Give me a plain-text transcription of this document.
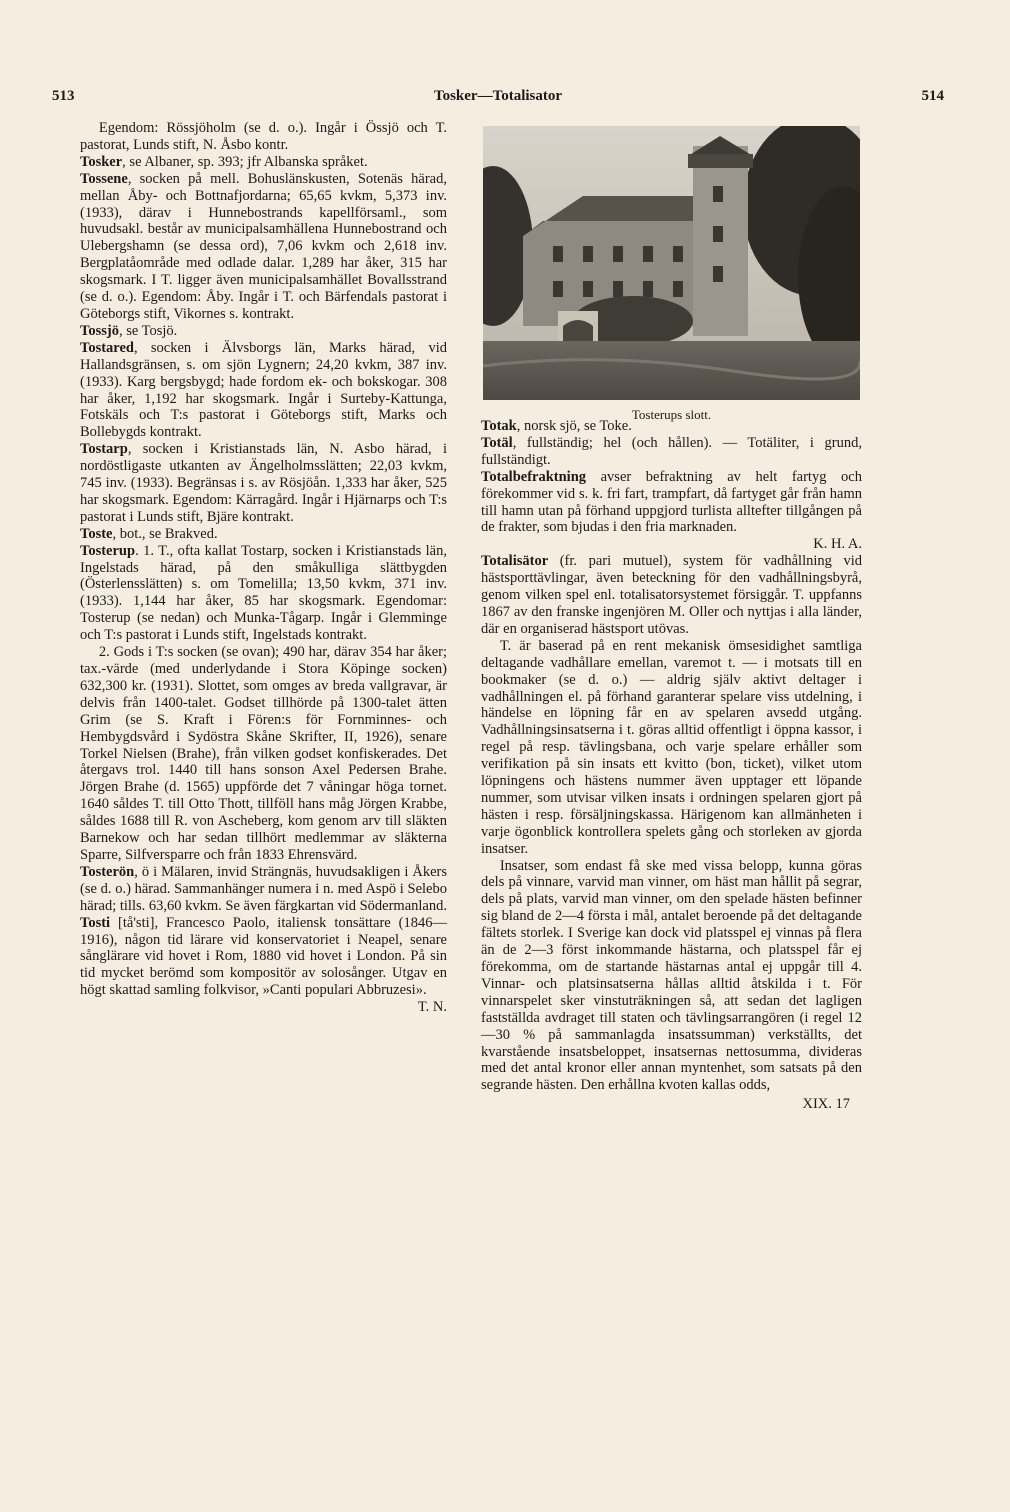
513	Tosker—Totalisator	514

Egendom: Rössjöholm (se d. o.). Ingår i Össjö och T. pastorat, Lunds stift, N. Åsbo kontr.

Tosker, se Albaner, sp. 393; jfr Albanska språket.

Tossene, socken på mell. Bohuslänskusten, Sotenäs härad, mellan Åby- och Bottnafjordarna; 65,65 kvkm, 5,373 inv. (1933), därav i Hunnebostrands kapellförsaml., som huvudsakl. består av municipalsamhällena Hunnebostrand och Ulebergshamn (se dessa ord), 7,06 kvkm och 2,618 inv. Bergplatåområde med odlade dalar. 1,289 har åker, 315 har skogsmark. I T. ligger även municipalsamhället Bovallsstrand (se d. o.). Egendom: Åby. Ingår i T. och Bärfendals pastorat i Göteborgs stift, Vikornes s. kontrakt.

Tossjö, se Tosjö.

Tostared, socken i Älvsborgs län, Marks härad, vid Hallandsgränsen, s. om sjön Lygnern; 24,20 kvkm, 387 inv. (1933). Karg bergsbygd; hade fordom ek- och bokskogar. 308 har åker, 1,192 har skogsmark. Ingår i Surteby-Kattunga, Fotskäls och T:s pastorat i Göteborgs stift, Marks och Bollebygds kontrakt.

Tostarp, socken i Kristianstads län, N. Asbo härad, i nordöstligaste utkanten av Ängelholmsslätten; 22,03 kvkm, 745 inv. (1933). Begränsas i s. av Rösjöån. 1,333 har åker, 525 har skogsmark. Egendom: Kärragård. Ingår i Hjärnarps och T:s pastorat i Lunds stift, Bjäre kontrakt.

Toste, bot., se Brakved.

Tosterup. 1. T., ofta kallat Tostarp, socken i Kristianstads län, Ingelstads härad, på den småkulliga slättbygden (Österlensslätten) s. om Tomelilla; 13,50 kvkm, 371 inv. (1933). 1,144 har åker, 85 har skogsmark. Egendomar: Tosterup (se nedan) och Munka-Tågarp. Ingår i Glemminge och T:s pastorat i Lunds stift, Ingelstads kontrakt.

2. Gods i T:s socken (se ovan); 490 har, därav 354 har åker; tax.-värde (med underlydande i Stora Köpinge socken) 632,300 kr. (1931). Slottet, som omges av breda vallgravar, är delvis från 1400-talet. Godset tillhörde på 1300-talet ätten Grim (se S. Kraft i Fören:s för Fornminnes- och Hembygdsvård i Sydöstra Skåne Skrifter, II, 1926), senare Torkel Nielsen (Brahe), från vilken godset konfiskerades. Det återgavs trol. 1440 till hans sonson Axel Pedersen Brahe. Jörgen Brahe (d. 1565) uppförde det 7 våningar höga tornet. 1640 såldes T. till Otto Thott, tillföll hans måg Jörgen Krabbe, såldes 1688 till R. von Ascheberg, kom genom arv till släkten Barnekow och har sedan tillhört medlemmar av släkterna Sparre, Silfversparre och från 1833 Ehrensvärd.

Tosterön, ö i Mälaren, invid Strängnäs, huvudsakligen i Åkers (se d. o.) härad. Sammanhänger numera i n. med Aspö i Selebo härad; tills. 63,60 kvkm. Se även färgkartan vid Södermanland.

Tosti [tå'sti], Francesco Paolo, italiensk tonsättare (1846—1916), någon tid lärare vid konservatoriet i Neapel, senare sånglärare vid hovet i Rom, 1880 vid hovet i London. På sin tid mycket berömd som kompositör av solosånger. Utgav en högt skattad samling folkvisor, »Canti populari Abbruzesi».
T. N.

Tosterups slott.

Totak, norsk sjö, se Toke.

Totäl, fullständig; hel (och hållen). — Totäliter, i grund, fullständigt.

Totalbefraktning avser befraktning av helt fartyg och förekommer vid s. k. fri fart, trampfart, då fartyget går från hamn till hamn utan på förhand uppgjord turlista alltefter tillgången på de frakter, som bjudas i den fria marknaden.
K. H. A.

Totalisätor (fr. pari mutuel), system för vadhållning vid hästsporttävlingar, även beteckning för den vadhållningsbyrå, genom vilken spel enl. totalisatorsystemet försiggår. T. uppfanns 1867 av den franske ingenjören M. Oller och nyttjas i alla länder, där en organiserad hästsport utövas.

T. är baserad på en rent mekanisk ömsesidighet samtliga deltagande vadhållare emellan, varemot t. — i motsats till en bookmaker (se d. o.) — aldrig själv aktivt deltager i vadhållningen el. på förhand garanterar spelare viss utdelning, i händelse en löpning får en av spelaren avsedd utgång. Vadhållningsinsatserna i t. göras alltid offentligt i öppna kassor, i regel på resp. tävlingsbana, och varje spelare erhåller som verifikation på sin insats ett kvitto (bon, ticket), vilket utom löpningens och hästens nummer även upptager ett löpande nummer, som utvisar vilken insats i ordningen spelaren gjort på hästen i resp. försäljningskassa. Härigenom kan allmänheten i varje ögonblick kontrollera spelets gång och storleken av gjorda insatser.

Insatser, som endast få ske med vissa belopp, kunna göras dels på vinnare, varvid man vinner, om häst man hållit på segrar, dels på plats, varvid man vinner, om den spelade hästen befinner sig bland de 2—4 första i mål, antalet beroende på det deltagande fältets storlek. I Sverige kan dock vid platsspel ej vinnas på flera än de 2—3 först inkommande hästarna, och platsspel får ej förekomma, om de startande hästarnas antal ej uppgår till 4. Vinnar- och platsinsatserna hållas alltid åtskilda i t. För vinnarspelet sker vinstuträkningen så, att sedan det lagligen fastställda avdraget till staten och tävlingsarrangören (i regel 12—30 % på sammanlagda insatssumman) verkställts, det kvarstående insatsbeloppet, insatsernas nettosumma, divideras med det antal kronor eller annan myntenhet, som satsats på den segrande hästen. Den erhållna kvoten kallas odds,

XIX. 17
